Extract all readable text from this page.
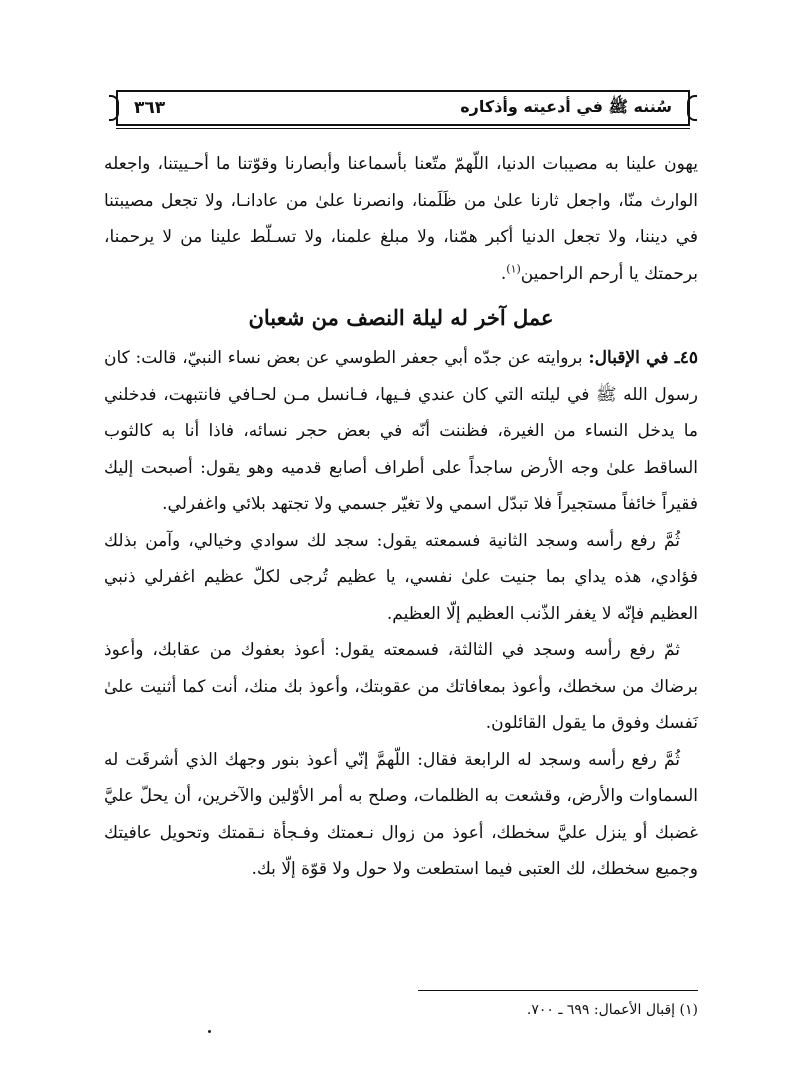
سُننه ﷺ في أدعيته وأذكاره
٣٦٣

يهون علينا به مصيبات الدنيا، اللّهمّ متّعنا بأسماعنا وأبصارنا وقوّتنا ما أحـييتنا، واجعله الوارث منّا، واجعل ثارنا علىٰ من ظَلَمنا، وانصرنا علىٰ من عادانـا، ولا تجعل مصيبتنا في ديننا، ولا تجعل الدنيا أكبر همّنا، ولا مبلغ علمنا، ولا تسـلّط علينا من لا يرحمنا، برحمتك يا أرحم الراحمين$^{(١)}$.

عمل آخر له ليلة النصف من شعبان

٤٥ـ في الإقبال: بروايته عن جدّه أبي جعفر الطوسي عن بعض نساء النبيّ، قالت: كان رسول الله ﷺ في ليلته التي كان عندي فـيها، فـانسل مـن لحـافي فانتبهت، فدخلني ما يدخل النساء من الغيرة، فظننت أنّه في بعض حجر نسائه، فاذا أنا به كالثوب الساقط علىٰ وجه الأرض ساجداً على أطراف أصابع قدميه وهو يقول: أصبحت إليك فقيراً خائفاً مستجيراً فلا تبدّل اسمي ولا تغيّر جسمي ولا تجتهد بلائي واغفرلي.

ثُمَّ رفع رأسه وسجد الثانية فسمعته يقول: سجد لك سوادي وخيالي، وآمن بذلك فؤادي، هذه يداي بما جنيت علىٰ نفسي، يا عظيم تُرجى لكلّ عظيم اغفرلي ذنبي العظيم فإنّه لا يغفر الذّنب العظيم إلّا العظيم.

ثمّ رفع رأسه وسجد في الثالثة، فسمعته يقول: أعوذ بعفوك من عقابك، وأعوذ برضاك من سخطك، وأعوذ بمعافاتك من عقوبتك، وأعوذ بك منك، أنت كما أثنيت علىٰ نَفسك وفوق ما يقول القائلون.

ثُمَّ رفع رأسه وسجد له الرابعة فقال: اللّهمَّ إنّي أعوذ بنور وجهك الذي أشرقَت له السماوات والأرض، وقشعت به الظلمات، وصلح به أمر الأوّلين والآخرين، أن يحلّ عليَّ غضبك أو ينزل عليَّ سخطك، أعوذ من زوال نـعمتك وفـجأة نـقمتك وتحويل عافيتك وجميع سخطك، لك العتبى فيما استطعت ولا حول ولا قوّة إلّا بك.

(١) إقبال الأعمال: ٦٩٩ ـ ٧٠٠.
